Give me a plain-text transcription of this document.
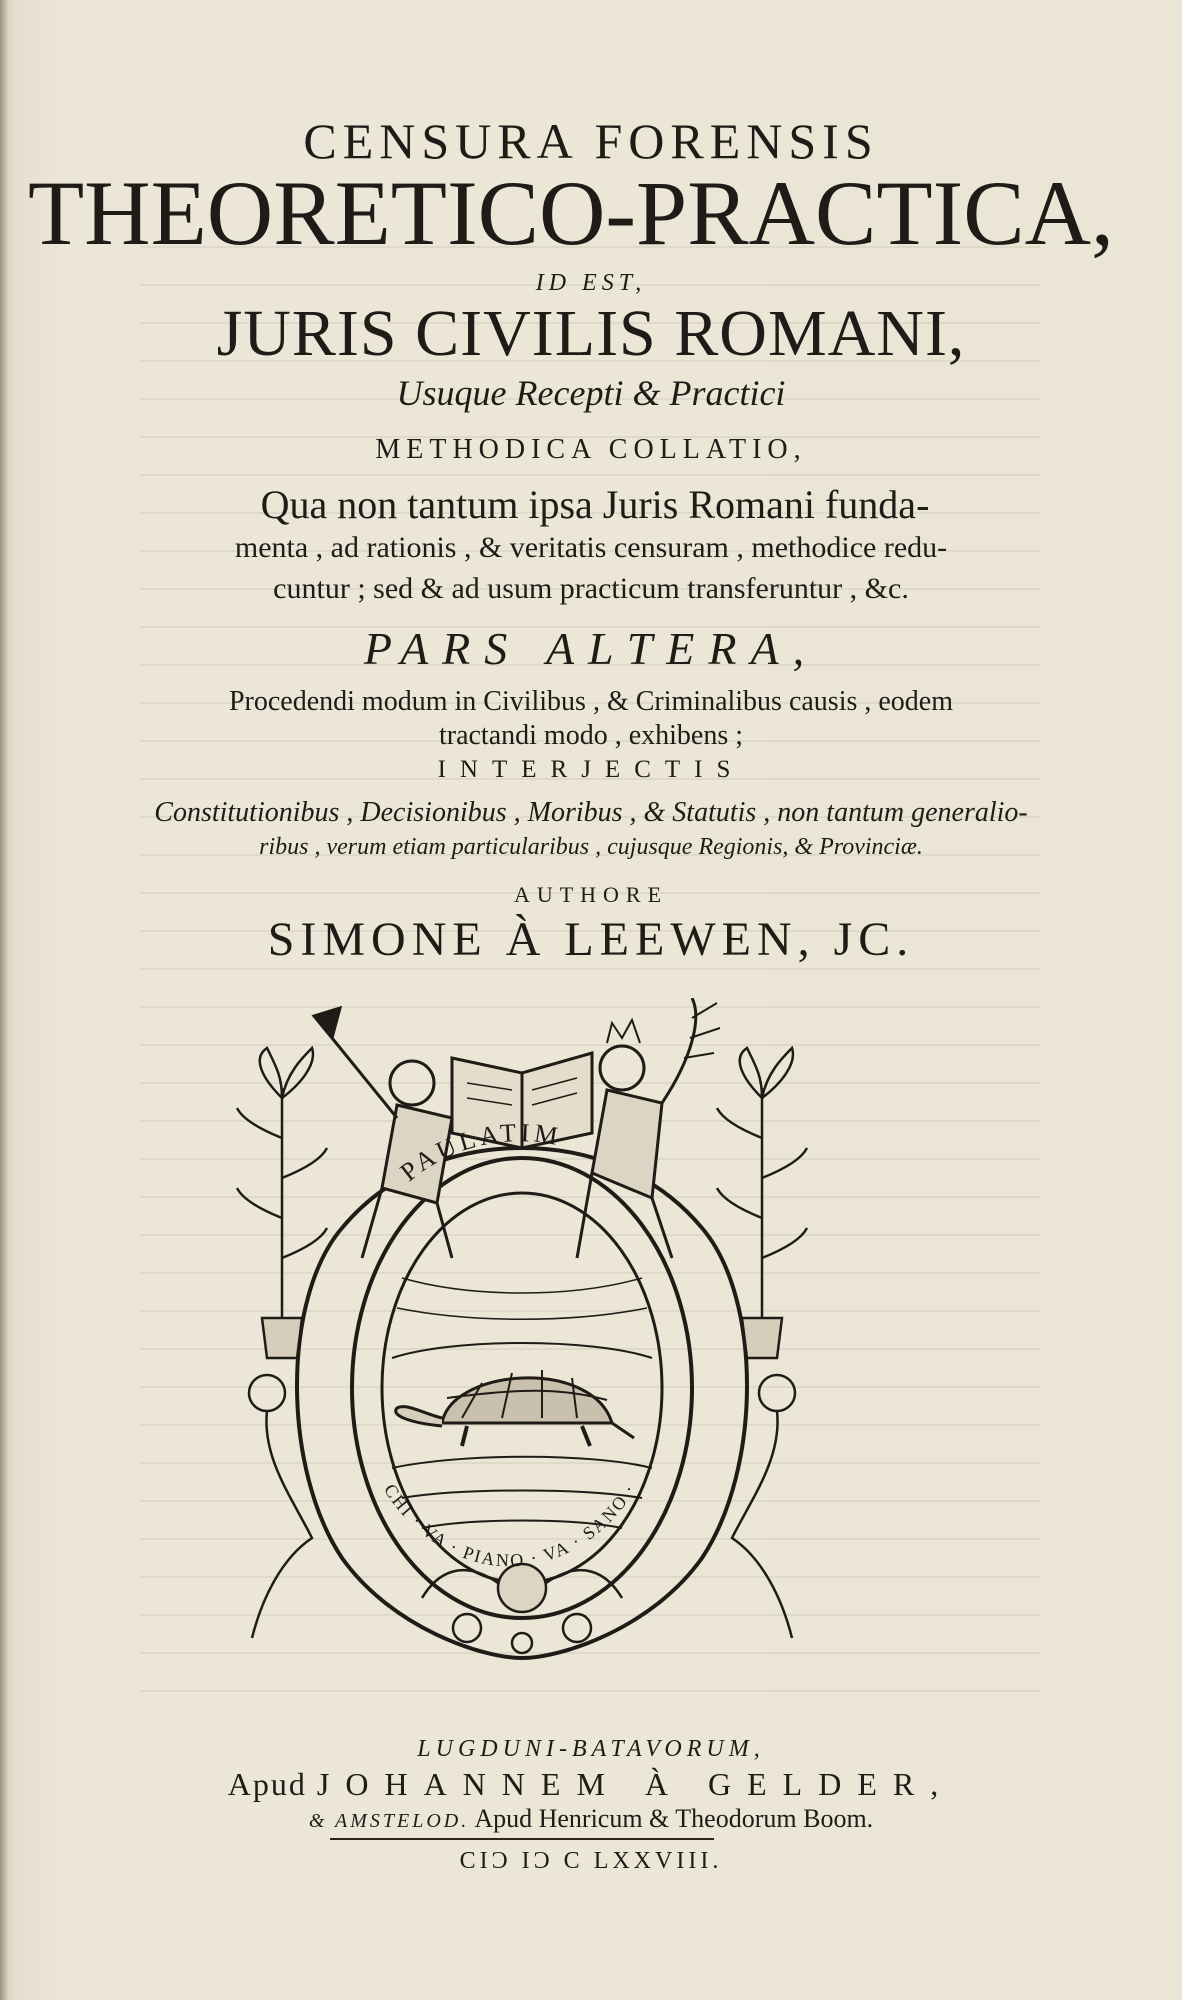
CENSURA FORENSIS
THEORETICO-PRACTICA,
ID EST,
JURIS CIVILIS ROMANI,
Usuque Recepti & Practici
METHODICA COLLATIO,
Qua non tantum ipsa Juris Romani funda-
menta , ad rationis , & veritatis censuram , methodice redu-
cuntur ; sed & ad usum practicum transferuntur , &c.
PARS ALTERA,
Procedendi modum in Civilibus , & Criminalibus causis , eodem
tractandi modo , exhibens ;
INTERJECTIS
Constitutionibus , Decisionibus , Moribus , & Statutis , non tantum generalio-
ribus , verum etiam particularibus , cujusque Regionis, & Provinciæ.
AUTHORE
SIMONE À LEEWEN, JC.
PAULATIM
CHI · VA · PIANO · VA · SANO ·
LUGDUNI-BATAVORUM,
Apud JOHANNEM À GELDER,
& AMSTELOD. Apud Henricum & Theodorum Boom.
CIƆ IƆ C LXXVIII.
